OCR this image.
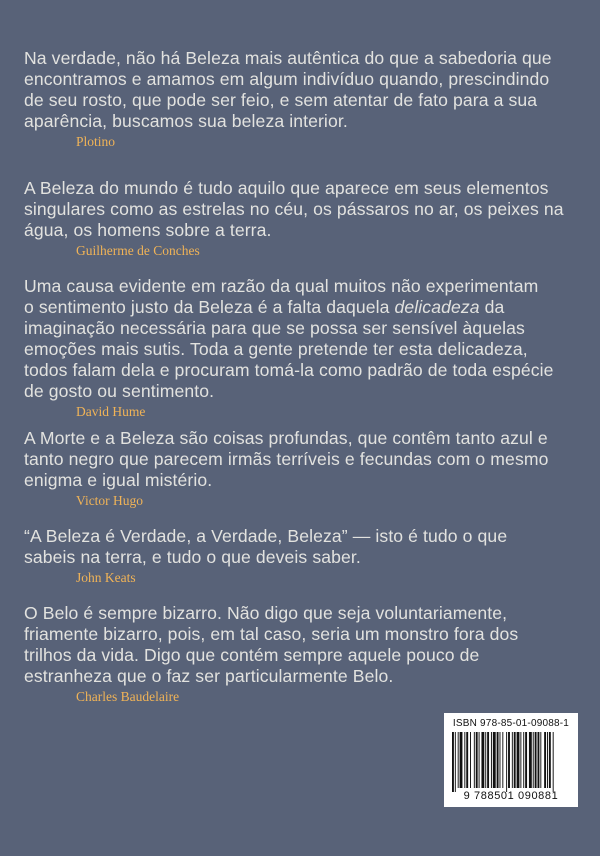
Na verdade, não há Beleza mais autêntica do que a sabedoria que
encontramos e amamos em algum indivíduo quando, prescindindo
de seu rosto, que pode ser feio, e sem atentar de fato para a sua
aparência, buscamos sua beleza interior.

Plotino

A Beleza do mundo é tudo aquilo que aparece em seus elementos
singulares como as estrelas no céu, os pássaros no ar, os peixes na
água, os homens sobre a terra.

Guilherme de Conches

Uma causa evidente em razão da qual muitos não experimentam
o sentimento justo da Beleza é a falta daquela delicadeza da
imaginação necessária para que se possa ser sensível àquelas
emoções mais sutis. Toda a gente pretende ter esta delicadeza,
todos falam dela e procuram tomá-la como padrão de toda espécie
de gosto ou sentimento.

David Hume

A Morte e a Beleza são coisas profundas, que contêm tanto azul e
tanto negro que parecem irmãs terríveis e fecundas com o mesmo
enigma e igual mistério.

Victor Hugo

“A Beleza é Verdade, a Verdade, Beleza” — isto é tudo o que
sabeis na terra, e tudo o que deveis saber.

John Keats

O Belo é sempre bizarro. Não digo que seja voluntariamente,
friamente bizarro, pois, em tal caso, seria um monstro fora dos
trilhos da vida. Digo que contém sempre aquele pouco de
estranheza que o faz ser particularmente Belo.

Charles Baudelaire
ISBN 978-85-01-09088-1
9 788501 090881
